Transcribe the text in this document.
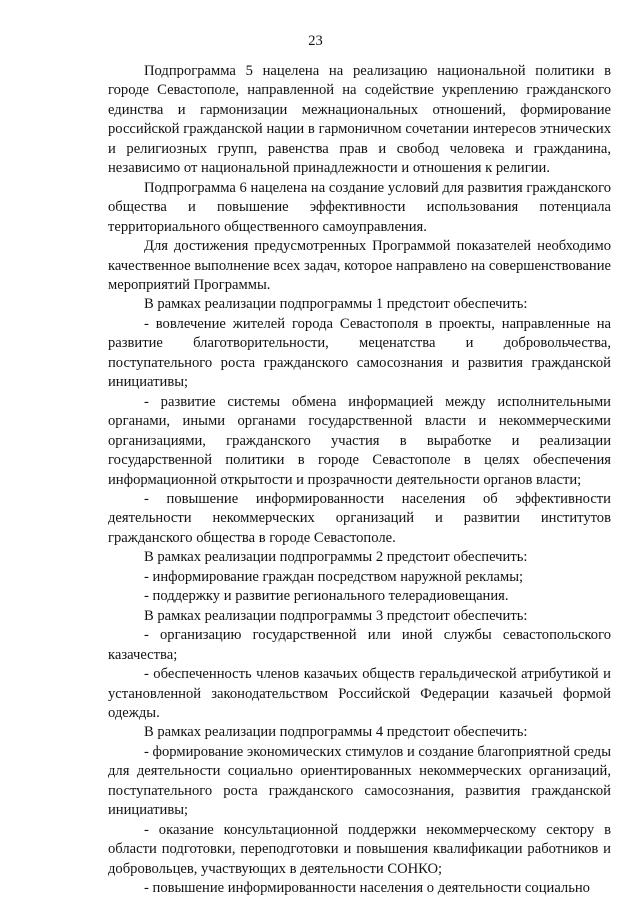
23

Подпрограмма 5 нацелена на реализацию национальной политики в городе Севастополе, направленной на содействие укреплению гражданского единства и гармонизации межнациональных отношений, формирование российской гражданской нации в гармоничном сочетании интересов этнических и религиозных групп, равенства прав и свобод человека и гражданина, независимо от национальной принадлежности и отношения к религии.

Подпрограмма 6 нацелена на создание условий для развития гражданского общества и повышение эффективности использования потенциала территориального общественного самоуправления.

Для достижения предусмотренных Программой показателей необходимо качественное выполнение всех задач, которое направлено на совершенствование мероприятий Программы.

В рамках реализации подпрограммы 1 предстоит обеспечить:

- вовлечение жителей города Севастополя в проекты, направленные на развитие благотворительности, меценатства и добровольчества, поступательного роста гражданского самосознания и развития гражданской инициативы;

- развитие системы обмена информацией между исполнительными органами, иными органами государственной власти и некоммерческими организациями, гражданского участия в выработке и реализации государственной политики в городе Севастополе в целях обеспечения информационной открытости и прозрачности деятельности органов власти;

- повышение информированности населения об эффективности деятельности некоммерческих организаций и развитии институтов гражданского общества в городе Севастополе.

В рамках реализации подпрограммы 2 предстоит обеспечить:

- информирование граждан посредством наружной рекламы;

- поддержку и развитие регионального телерадиовещания.

В рамках реализации подпрограммы 3 предстоит обеспечить:

- организацию государственной или иной службы севастопольского казачества;

- обеспеченность членов казачьих обществ геральдической атрибутикой и установленной законодательством Российской Федерации казачьей формой одежды.

В рамках реализации подпрограммы 4 предстоит обеспечить:

- формирование экономических стимулов и создание благоприятной среды для деятельности социально ориентированных некоммерческих организаций, поступательного роста гражданского самосознания, развития гражданской инициативы;

- оказание консультационной поддержки некоммерческому сектору в области подготовки, переподготовки и повышения квалификации работников и добровольцев, участвующих в деятельности СОНКО;

- повышение информированности населения о деятельности социально
